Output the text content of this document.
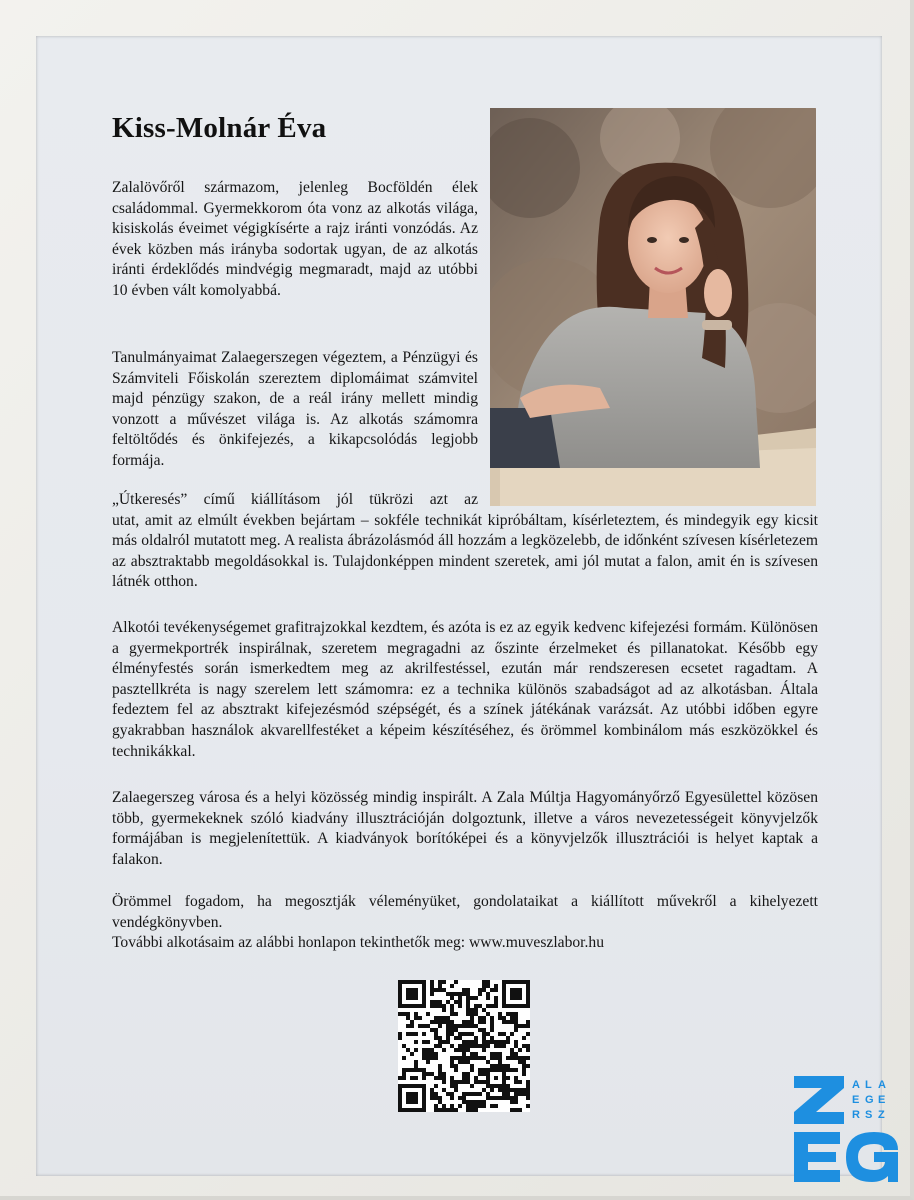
Kiss-Molnár Éva

Zalalövőről származom, jelenleg Bocföldén élek családommal. Gyermekkorom óta vonz az alkotás világa, kisiskolás éveimet végigkísérte a rajz iránti vonzódás. Az évek közben más irányba sodortak ugyan, de az alkotás iránti érdeklődés mindvégig megmaradt, majd az utóbbi 10 évben vált komolyabbá.

Tanulmányaimat Zalaegerszegen végeztem, a Pénzügyi és Számviteli Főiskolán szereztem diplomáimat számvitel majd pénzügy szakon, de a reál irány mellett mindig vonzott a művészet világa is. Az alkotás számomra feltöltődés és önkifejezés, a kikapcsolódás legjobb formája.

„Útkeresés” című kiállításom jól tükrözi azt az
utat, amit az elmúlt években bejártam – sokféle technikát kipróbáltam, kísérleteztem, és mindegyik egy kicsit más oldalról mutatott meg. A realista ábrázolásmód áll hozzám a legközelebb, de időnként szívesen kísérletezem az absztraktabb megoldásokkal is. Tulajdonképpen mindent szeretek, ami jól mutat a falon, amit én is szívesen látnék otthon.

Alkotói tevékenységemet grafitrajzokkal kezdtem, és azóta is ez az egyik kedvenc kifejezési formám. Különösen a gyermekportrék inspirálnak, szeretem megragadni az őszinte érzelmeket és pillanatokat. Később egy élményfestés során ismerkedtem meg az akrilfestéssel, ezután már rendszeresen ecsetet ragadtam. A pasztellkréta is nagy szerelem lett számomra: ez a technika különös szabadságot ad az alkotásban. Általa fedeztem fel az absztrakt kifejezésmód szépségét, és a színek játékának varázsát. Az utóbbi időben egyre gyakrabban használok akvarellfestéket a képeim készítéséhez, és örömmel kombinálom más eszközökkel és technikákkal.

Zalaegerszeg városa és a helyi közösség mindig inspirált. A Zala Múltja Hagyományőrző Egyesülettel közösen több, gyermekeknek szóló kiadvány illusztrációján dolgoztunk, illetve a város nevezetességeit könyvjelzők formájában is megjelenítettük. A kiadványok borítóképei és a könyvjelzők illusztrációi is helyet kaptak a falakon.

Örömmel fogadom, ha megosztják véleményüket, gondolataikat a kiállított művekről a kihelyezett vendégkönyvben.

További alkotásaim az alábbi honlapon tekinthetők meg: www.muveszlabor.hu

A L A
E G E
R S Z
